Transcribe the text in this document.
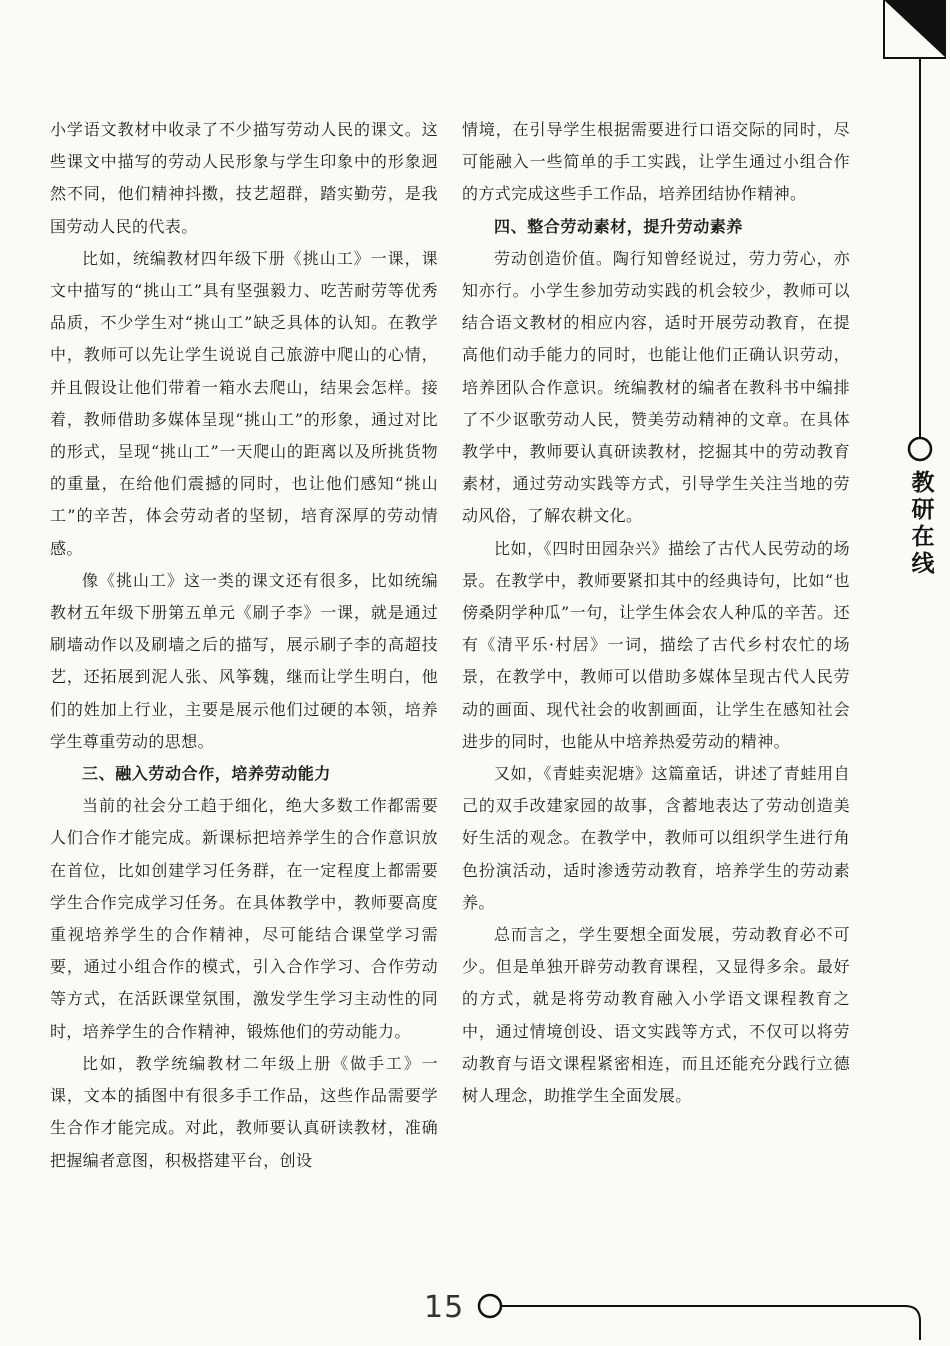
小学语文教材中收录了不少描写劳动人民的课文。这些课文中描写的劳动人民形象与学生印象中的形象迥然不同，他们精神抖擞，技艺超群，踏实勤劳，是我国劳动人民的代表。

比如，统编教材四年级下册《挑山工》一课，课文中描写的“挑山工”具有坚强毅力、吃苦耐劳等优秀品质，不少学生对“挑山工”缺乏具体的认知。在教学中，教师可以先让学生说说自己旅游中爬山的心情，并且假设让他们带着一箱水去爬山，结果会怎样。接着，教师借助多媒体呈现“挑山工”的形象，通过对比的形式，呈现“挑山工”一天爬山的距离以及所挑货物的重量，在给他们震撼的同时，也让他们感知“挑山工”的辛苦，体会劳动者的坚韧，培育深厚的劳动情感。

像《挑山工》这一类的课文还有很多，比如统编教材五年级下册第五单元《刷子李》一课，就是通过刷墙动作以及刷墙之后的描写，展示刷子李的高超技艺，还拓展到泥人张、风筝魏，继而让学生明白，他们的姓加上行业，主要是展示他们过硬的本领，培养学生尊重劳动的思想。

三、融入劳动合作，培养劳动能力

当前的社会分工趋于细化，绝大多数工作都需要人们合作才能完成。新课标把培养学生的合作意识放在首位，比如创建学习任务群，在一定程度上都需要学生合作完成学习任务。在具体教学中，教师要高度重视培养学生的合作精神，尽可能结合课堂学习需要，通过小组合作的模式，引入合作学习、合作劳动等方式，在活跃课堂氛围，激发学生学习主动性的同时，培养学生的合作精神，锻炼他们的劳动能力。

比如，教学统编教材二年级上册《做手工》一课，文本的插图中有很多手工作品，这些作品需要学生合作才能完成。对此，教师要认真研读教材，准确把握编者意图，积极搭建平台，创设

情境，在引导学生根据需要进行口语交际的同时，尽可能融入一些简单的手工实践，让学生通过小组合作的方式完成这些手工作品，培养团结协作精神。

四、整合劳动素材，提升劳动素养

劳动创造价值。陶行知曾经说过，劳力劳心，亦知亦行。小学生参加劳动实践的机会较少，教师可以结合语文教材的相应内容，适时开展劳动教育，在提高他们动手能力的同时，也能让他们正确认识劳动，培养团队合作意识。统编教材的编者在教科书中编排了不少讴歌劳动人民，赞美劳动精神的文章。在具体教学中，教师要认真研读教材，挖掘其中的劳动教育素材，通过劳动实践等方式，引导学生关注当地的劳动风俗，了解农耕文化。

比如，《四时田园杂兴》描绘了古代人民劳动的场景。在教学中，教师要紧扣其中的经典诗句，比如“也傍桑阴学种瓜”一句，让学生体会农人种瓜的辛苦。还有《清平乐·村居》一词，描绘了古代乡村农忙的场景，在教学中，教师可以借助多媒体呈现古代人民劳动的画面、现代社会的收割画面，让学生在感知社会进步的同时，也能从中培养热爱劳动的精神。

又如，《青蛙卖泥塘》这篇童话，讲述了青蛙用自己的双手改建家园的故事，含蓄地表达了劳动创造美好生活的观念。在教学中，教师可以组织学生进行角色扮演活动，适时渗透劳动教育，培养学生的劳动素养。

总而言之，学生要想全面发展，劳动教育必不可少。但是单独开辟劳动教育课程，又显得多余。最好的方式，就是将劳动教育融入小学语文课程教育之中，通过情境创设、语文实践等方式，不仅可以将劳动教育与语文课程紧密相连，而且还能充分践行立德树人理念，助推学生全面发展。

教研在线
15
